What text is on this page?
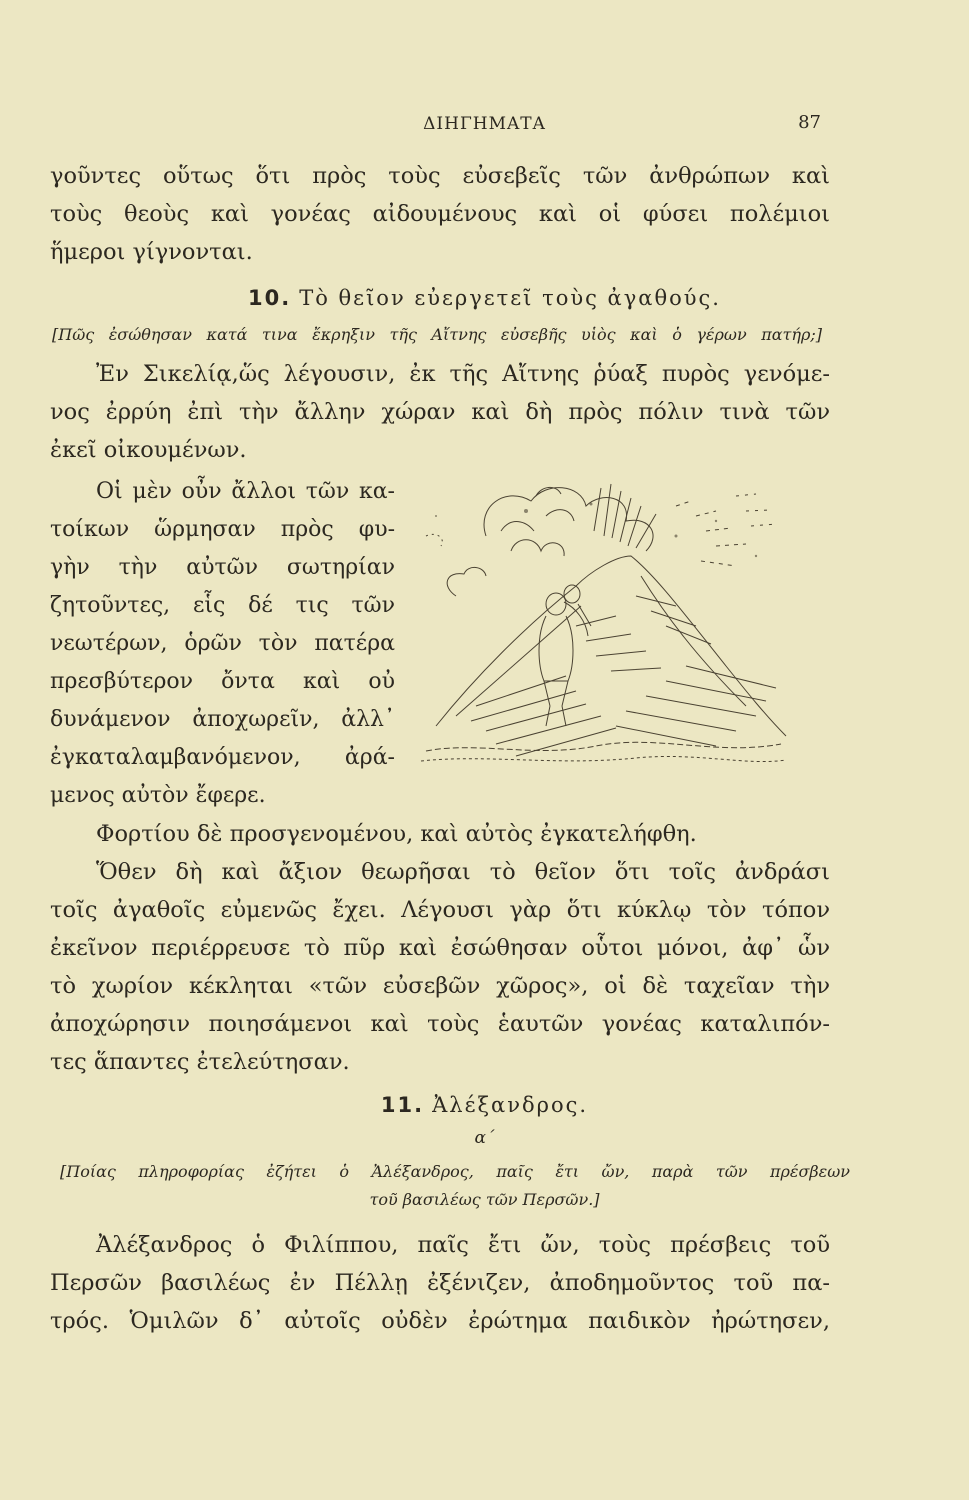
ΔΙΗΓΗΜΑΤΑ	87
γοῦντες οὕτως ὅτι πρὸς τοὺς εὐσεβεῖς τῶν ἀνθρώπων καὶ
τοὺς θεοὺς καὶ γονέας αἰδουμένους καὶ οἱ φύσει πολέμιοι
ἥμεροι γίγνονται.
10. Τὸ θεῖον εὐεργετεῖ τοὺς ἀγαθούς.
[Πῶς ἐσώθησαν κατά τινα ἔκρηξιν τῆς Αἴτνης εὐσεβῆς υἱὸς καὶ ὁ γέρων πατήρ;]
Ἐν Σικελίᾳ,ὥς λέγουσιν, ἐκ τῆς Αἴτνης ῥύαξ πυρὸς γενόμε-
νος ἐρρύη ἐπὶ τὴν ἄλλην χώραν καὶ δὴ πρὸς πόλιν τινὰ τῶν
ἐκεῖ οἰκουμένων.
Οἱ μὲν οὖν ἄλλοι τῶν κα-
τοίκων ὥρμησαν πρὸς φυ-
γὴν τὴν αὐτῶν σωτηρίαν
ζητοῦντες, εἷς δέ τις τῶν
νεωτέρων, ὁρῶν τὸν πατέρα
πρεσβύτερον ὄντα καὶ οὐ
δυνάμενον ἀποχωρεῖν, ἀλλ᾽
ἐγκαταλαμβανόμενον, ἀρά-
μενος αὐτὸν ἔφερε.
Φορτίου δὲ προσγενομένου, καὶ αὐτὸς ἐγκατελήφθη.
Ὅθεν δὴ καὶ ἄξιον θεωρῆσαι τὸ θεῖον ὅτι τοῖς ἀνδράσι
τοῖς ἀγαθοῖς εὐμενῶς ἔχει. Λέγουσι γὰρ ὅτι κύκλῳ τὸν τόπον
ἐκεῖνον περιέρρευσε τὸ πῦρ καὶ ἐσώθησαν οὗτοι μόνοι, ἀφ᾽ ὧν
τὸ χωρίον κέκληται «τῶν εὐσεβῶν χῶρος», οἱ δὲ ταχεῖαν τὴν
ἀποχώρησιν ποιησάμενοι καὶ τοὺς ἑαυτῶν γονέας καταλιπόν-
τες ἅπαντες ἐτελεύτησαν.
11. Ἀλέξανδρος.
α´
[Ποίας πληροφορίας ἐζήτει ὁ Ἀλέξανδρος, παῖς ἔτι ὤν, παρὰ τῶν πρέσβεων
τοῦ βασιλέως τῶν Περσῶν.]
Ἀλέξανδρος ὁ Φιλίππου, παῖς ἔτι ὤν, τοὺς πρέσβεις τοῦ
Περσῶν βασιλέως ἐν Πέλλῃ ἐξένιζεν, ἀποδημοῦντος τοῦ πα-
τρός. Ὁμιλῶν δ᾽ αὐτοῖς οὐδὲν ἐρώτημα παιδικὸν ἠρώτησεν,
